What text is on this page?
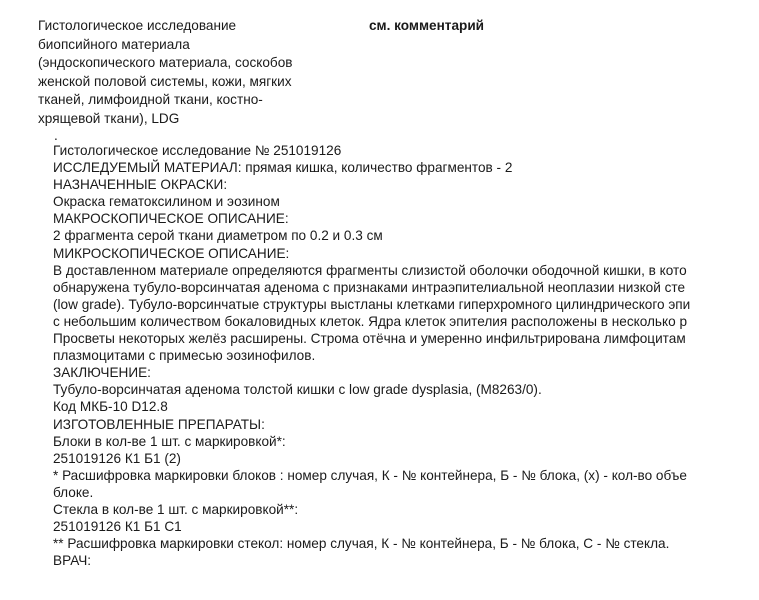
Гистологическое исследование
биопсийного материала
(эндоскопического материала, соскобов
женской половой системы, кожи, мягких
тканей, лимфоидной ткани, костно-
хрящевой ткани), LDG
см. комментарий
.
Гистологическое исследование № 251019126
ИССЛЕДУЕМЫЙ МАТЕРИАЛ: прямая кишка, количество фрагментов - 2
НАЗНАЧЕННЫЕ ОКРАСКИ:
Окраска гематоксилином и эозином
МАКРОСКОПИЧЕСКОЕ ОПИСАНИЕ:
2 фрагмента серой ткани диаметром по 0.2 и 0.3 см
МИКРОСКОПИЧЕСКОЕ ОПИСАНИЕ:
В доставленном материале определяются фрагменты слизистой оболочки ободочной кишки, в кото
обнаружена тубуло-ворсинчатая аденома с признаками интраэпителиальной неоплазии низкой сте
(low grade). Тубуло-ворсинчатые структуры выстланы клетками гиперхромного цилиндрического эпи
с небольшим количеством бокаловидных клеток. Ядра клеток эпителия расположены в несколько р
Просветы некоторых желёз расширены. Строма отёчна и умеренно инфильтрирована лимфоцитам
плазмоцитами с примесью эозинофилов.
ЗАКЛЮЧЕНИЕ:
Тубуло-ворсинчатая аденома толстой кишки с low grade dysplasia, (M8263/0).
Код МКБ-10 D12.8
ИЗГОТОВЛЕННЫЕ ПРЕПАРАТЫ:
Блоки в кол-ве 1 шт. с маркировкой*:
251019126 К1 Б1 (2)
* Расшифровка маркировки блоков : номер случая, К - № контейнера, Б - № блока, (х) - кол-во объе
блоке.
Стекла в кол-ве 1 шт. с маркировкой**:
251019126 К1 Б1 С1
** Расшифровка маркировки стекол: номер случая, К - № контейнера, Б - № блока, С - № стекла.
ВРАЧ:
